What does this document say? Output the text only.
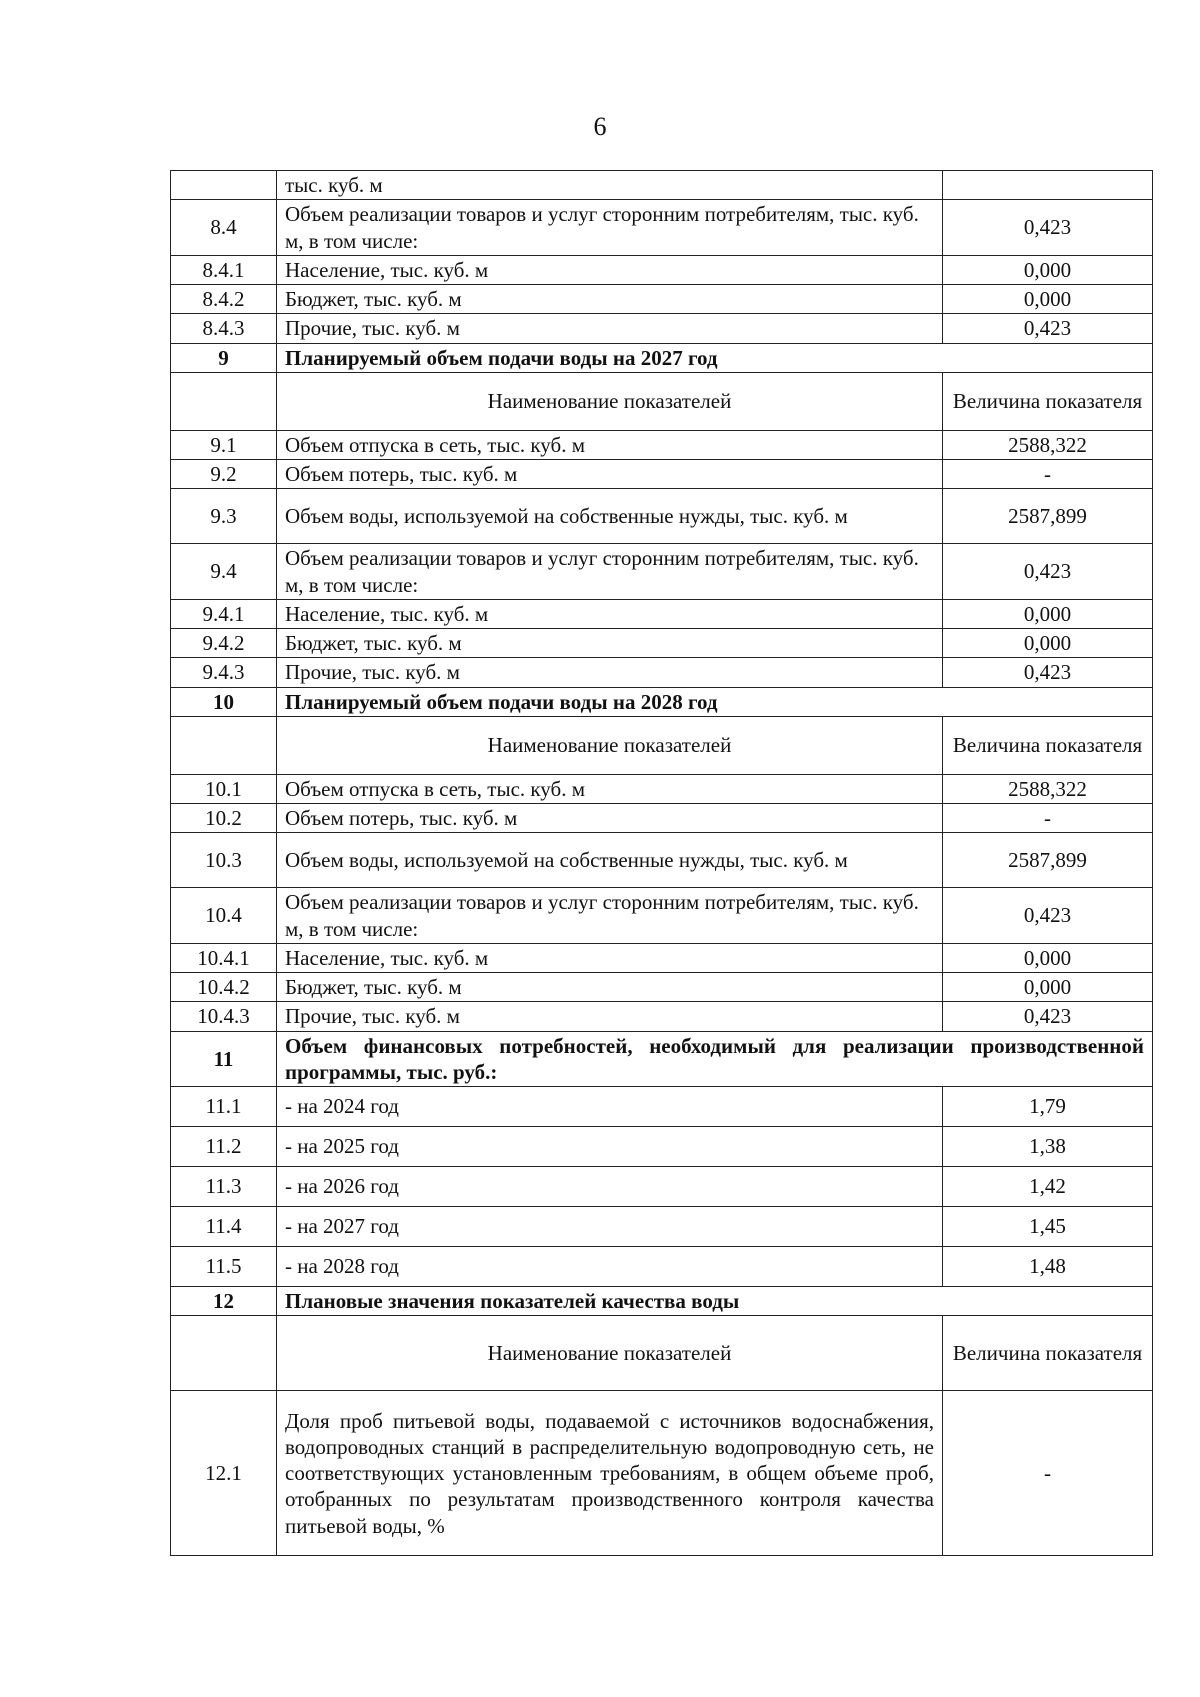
6
	тыс. куб. м	
8.4	Объем реализации товаров и услуг сторонним потребителям, тыс. куб. м, в том числе:	0,423
8.4.1	Население, тыс. куб. м	0,000
8.4.2	Бюджет, тыс. куб. м	0,000
8.4.3	Прочие, тыс. куб. м	0,423
9	Планируемый объем подачи воды на 2027 год	
	Наименование показателей	Величина показателя
9.1	Объем отпуска в сеть, тыс. куб. м	2588,322
9.2	Объем потерь, тыс. куб. м	-
9.3	Объем воды, используемой на собственные нужды, тыс. куб. м	2587,899
9.4	Объем реализации товаров и услуг сторонним потребителям, тыс. куб. м, в том числе:	0,423
9.4.1	Население, тыс. куб. м	0,000
9.4.2	Бюджет, тыс. куб. м	0,000
9.4.3	Прочие, тыс. куб. м	0,423
10	Планируемый объем подачи воды на 2028 год	
	Наименование показателей	Величина показателя
10.1	Объем отпуска в сеть, тыс. куб. м	2588,322
10.2	Объем потерь, тыс. куб. м	-
10.3	Объем воды, используемой на собственные нужды, тыс. куб. м	2587,899
10.4	Объем реализации товаров и услуг сторонним потребителям, тыс. куб. м, в том числе:	0,423
10.4.1	Население, тыс. куб. м	0,000
10.4.2	Бюджет, тыс. куб. м	0,000
10.4.3	Прочие, тыс. куб. м	0,423
11	Объем финансовых потребностей, необходимый для реализации производственной программы, тыс. руб.:	
11.1	- на 2024 год	1,79
11.2	- на 2025 год	1,38
11.3	- на 2026 год	1,42
11.4	- на 2027 год	1,45
11.5	- на 2028 год	1,48
12	Плановые значения показателей качества воды	
	Наименование показателей	Величина показателя
12.1	Доля проб питьевой воды, подаваемой с источников водоснабжения, водопроводных станций в распределительную водопроводную сеть, не соответствующих установленным требованиям, в общем объеме проб, отобранных по результатам производственного контроля качества питьевой воды, %	-
